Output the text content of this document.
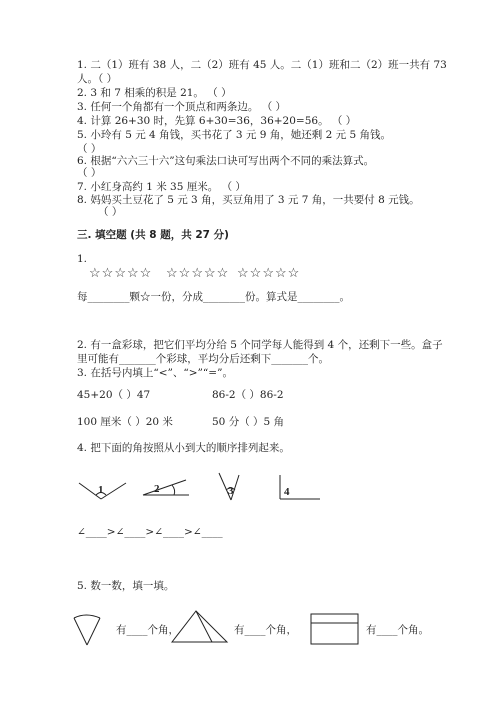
1. 二（1）班有 38 人，二（2）班有 45 人。二（1）班和二（2）班一共有 73
人。（ ）
2. 3 和 7 相乘的积是 21。 （ ）
3. 任何一个角都有一个顶点和两条边。 （ ）
4. 计算 26+30 时，先算 6+30=36，36+20=56。 （ ）
5. 小玲有 5 元 4 角钱，买书花了 3 元 9 角，她还剩 2 元 5 角钱。
（ ）
6. 根据“六六三十六”这句乘法口诀可写出两个不同的乘法算式。
（ ）
7. 小红身高约 1 米 35 厘米。 （ ）
8. 妈妈买土豆花了 5 元 3 角，买豆角用了 3 元 7 角，一共要付 8 元钱。
（ ）
三. 填空题 (共 8 题，共 27 分)
1.
☆☆☆☆☆ ☆☆☆☆☆ ☆☆☆☆☆
每________颗☆一份，分成________份。算式是________。
2. 有一盒彩球，把它们平均分给 5 个同学每人能得到 4 个，还剩下一些。盒子
里可能有_______个彩球，平均分后还剩下_______个。
3. 在括号内填上“<”、“>”“=”。
45+20（ ）47	86-2（ ）86-2
100 厘米（ ）20 米	50 分（ ）5 角
4. 把下面的角按照从小到大的顺序排列起来。
1	2	3	4
∠____>∠____>∠____>∠____
5. 数一数，填一填。
有____个角，	有____个角，	有____个角。
